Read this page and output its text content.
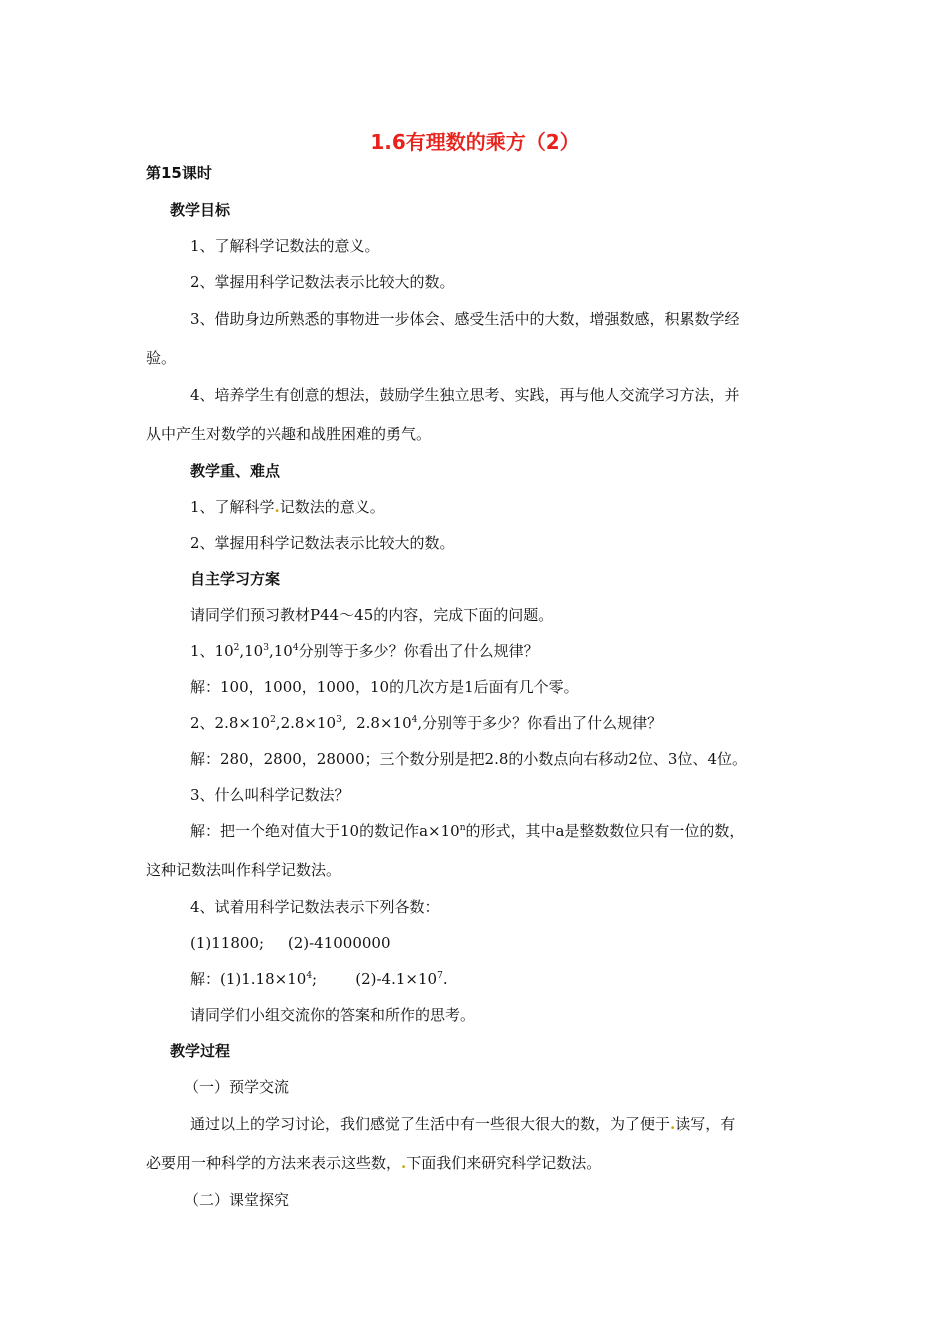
1.6有理数的乘方（2）
第15课时
教学目标
1、了解科学记数法的意义。
2、掌握用科学记数法表示比较大的数。
3、借助身边所熟悉的事物进一步体会、感受生活中的大数，增强数感，积累数学经
验。
4、培养学生有创意的想法，鼓励学生独立思考、实践，再与他人交流学习方法，并
从中产生对数学的兴趣和战胜困难的勇气。
教学重、难点
1、了解科学.记数法的意义。
2、掌握用科学记数法表示比较大的数。
自主学习方案
请同学们预习教材P44～45的内容，完成下面的问题。
1、$10^2,10^3,10^4$分别等于多少？你看出了什么规律？
解：100，1000，1000，10的几次方是1后面有几个零。
2、$2.8\times 10^2,2.8\times 10^3$,  $2.8\times 10^4$,分别等于多少？你看出了什么规律？
解：280，2800，28000；三个数分别是把2.8的小数点向右移动2位、3位、4位。
3、什么叫科学记数法？
解：把一个绝对值大于10的数记作$a\times 10^n$的形式，其中a是整数数位只有一位的数，
这种记数法叫作科学记数法。
4、试着用科学记数法表示下列各数：
(1)11800;     (2)-41000000
解：$(1)1.18\times 10^4$;        $(2)-4.1\times 10^7$.
请同学们小组交流你的答案和所作的思考。
教学过程
（一）预学交流
通过以上的学习讨论，我们感觉了生活中有一些很大很大的数，为了便于.读写，有
必要用一种科学的方法来表示这些数，.下面我们来研究科学记数法。
（二）课堂探究
